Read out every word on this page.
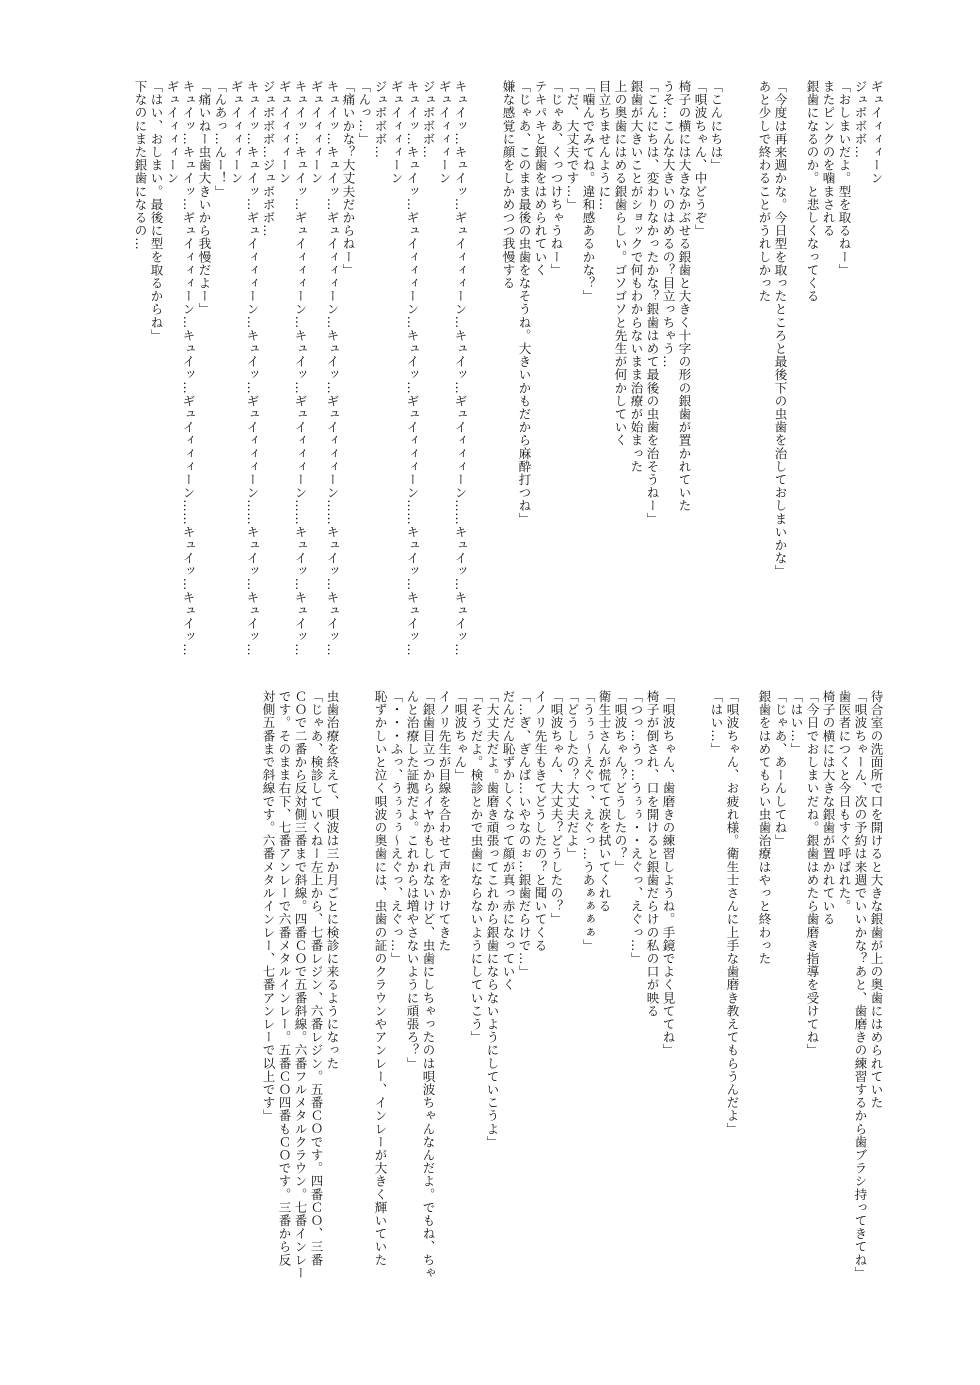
ギュイィィィーン
ジュボボボ…
「おしまいだよ。型を取るねー」
またピンクのを噛まされる
銀歯になるのか。と悲しくなってくる
「今度は再来週かな。今日型を取ったところと最後下の虫歯を治しておしまいかな」
あと少しで終わることがうれしかった
「こんにちは」
「唄波ちゃん、中どうぞ」
椅子の横には大きなかぶせる銀歯と大きく十字の形の銀歯が置かれていた
うそ…こんな大きいのはめるの？目立っちゃう…
「こんにちは、変わりなかったかな？銀歯はめて最後の虫歯を治そうねー」
銀歯が大きいことがショックで何もわからないまま治療が始まった
上の奥歯にはめる銀歯らしい。ゴソゴソと先生が何かしていく
目立ちませんように…
「噛んでみてね。違和感あるかな？」
「だ、大丈夫です…」
「じゃあ、くっつけちゃうねー」
テキパキと銀歯をはめられていく
「じゃあ、このまま最後の虫歯をなそうね。大きいかもだから麻酔打つね」
嫌な感覚に顔をしかめつつ我慢する
キュイッ…キュイッ…ギュイィィィーン…キュイッ…ギュイィィィーン……キュイッ…キュイッ…
ギュイィィィーン
ジュボボボ…
キュイッ…キュイッ…ギュイィィィーン…キュイッ…ギュイィィィーン……キュイッ…キュイッ…
ギュイィィィーン
ジュボボボ…
「んっ…」
「痛いかな？大丈夫だからねー」
キュイッ…キュイッ…ギュイィィィーン…キュイッ…ギュイィィィーン……キュイッ…キュイッ…
ギュイィィィーン
キュイッ…キュイッ…ギュイィィィーン…キュイッ…ギュイィィィーン……キュイッ…キュイッ…
ギュイィィィーン
ジュボボボ…ジュボボボ…
キュイッ…キュイッ…ギュイィィィーン…キュイッ…ギュイィィィーン……キュイッ…キュイッ…
ギュイィィィーン
「んあっ…んー！」
「痛いねー虫歯大きいから我慢だよー」
キュイッ…キュイッ…ギュイィィィーン…キュイッ…ギュイィィィーン……キュイッ…キュイッ…
ギュイィィィーン
「はい、おしまい。最後に型を取るからね」
下なのにまた銀歯になるの…
待合室の洗面所で口を開けると大きな銀歯が上の奥歯にはめられていた
「唄波ちゃーん、次の予約は来週でいいかな？あと、歯磨きの練習するから歯ブラシ持ってきてね」
歯医者につくと今日もすぐ呼ばれた。
椅子の横には大きな銀歯が置かれている
「今日でおしまいだね。銀歯はめたら歯磨き指導を受けてね」
「はい…」
「じゃあ、あーんしてね」
銀歯をはめてもらい虫歯治療はやっと終わった
「唄波ちゃん、お疲れ様。衛生士さんに上手な歯磨き教えてもらうんだよ」
「はい…」
「唄波ちゃん、歯磨きの練習しようね。手鏡でよく見ててね」
椅子が倒され、口を開けると銀歯だらけの私の口が映る
「つっ…うっ…うぅぅ・・えぐっ、えぐっ…」
「唄波ちゃん？どうしたの？」
衛生士さんが慌てて涙を拭いてくれる
「うぅぅ～えぐっ、えぐっ…うあぁぁぁぁ」
「どうしたの？大丈夫だよ」
「唄波ちゃん、大丈夫？どうしたの？」
イノリ先生もきてどうしたの？と聞いてくる
「…ぎ、ぎんば…いやなのぉ…銀歯だらけで…」
だんだん恥ずかしくなって顔が真っ赤になっていく
「大丈夫だよ。歯磨き頑張ってこれから銀歯にならないようにしていこうよ」
「そうだよ。検診とかで虫歯にならないようにしていこう」
「唄波ちゃん」
イノリ先生が目線を合わせて声をかけてきた
「銀歯目立つからイヤかもしれないけど、虫歯にしちゃったのは唄波ちゃんなんだよ。でもね、ちゃ
んと治療した証拠だよ。これからは増やさないように頑張ろ？」
「・・・ふっ、うぅぅぅ～えぐっ、えぐっ…」
恥ずかしいと泣く唄波の奥歯には、虫歯の証のクラウンやアンレー、インレーが大きく輝いていた
虫歯治療を終えて、唄波は三か月ごとに検診に来るようになった
「じゃあ、検診していくねー左上から、七番レジン、六番レジン。五番ＣＯです。四番ＣＯ、三番
ＣＯで二番から反対側三番まで斜線。四番ＣＯで五番斜線。六番フルメタルクラウン。七番インレー
です。そのまま右下、七番アンレーで六番メタルインレー。五番ＣＯ四番もＣＯです。三番から反
対側五番まで斜線です。六番メタルインレー、七番アンレーで以上です」
